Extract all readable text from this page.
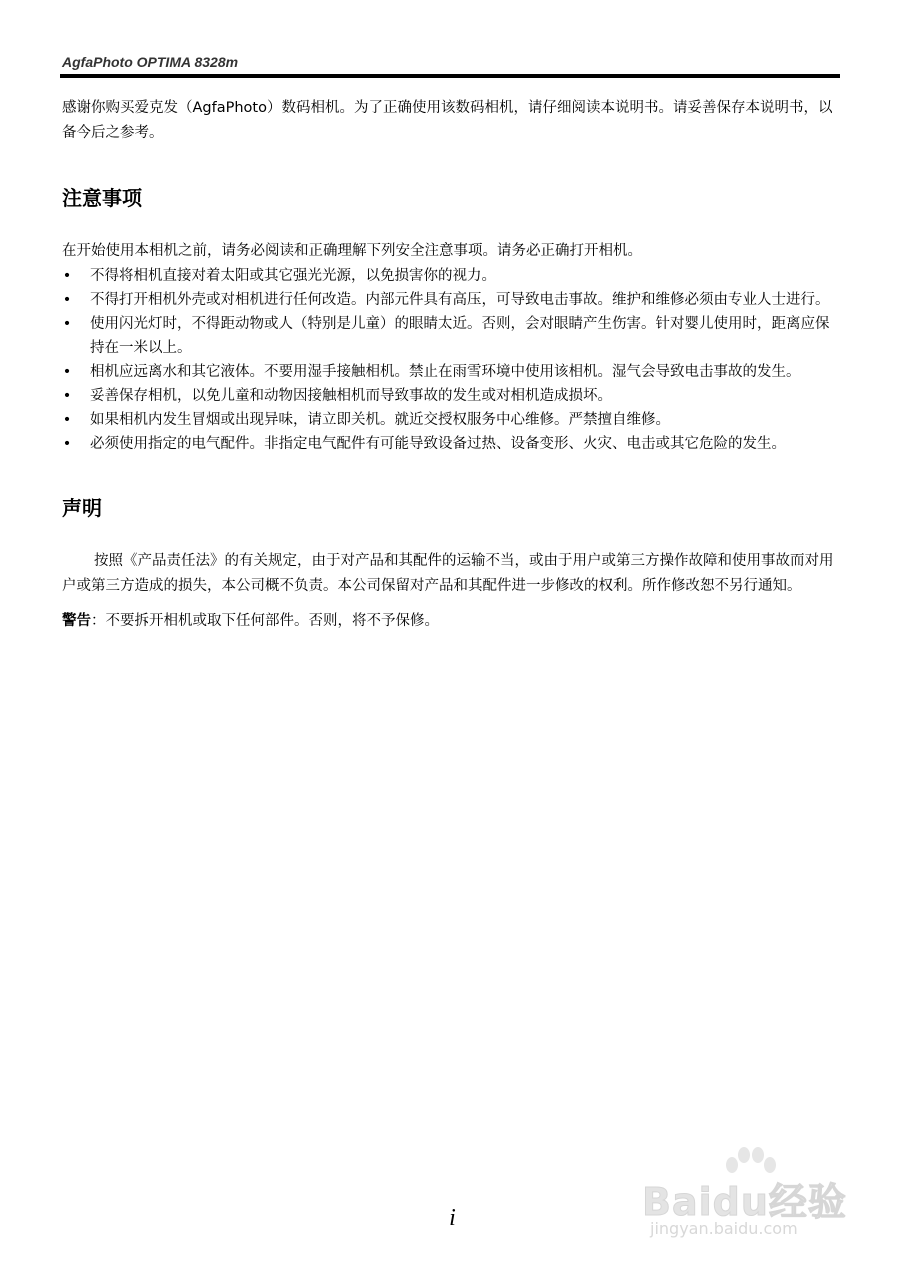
AgfaPhoto OPTIMA 8328m

感谢你购买爱克发（AgfaPhoto）数码相机。为了正确使用该数码相机，请仔细阅读本说明书。请妥善保存本说明书，以备今后之参考。

注意事项

在开始使用本相机之前，请务必阅读和正确理解下列安全注意事项。请务必正确打开相机。

• 不得将相机直接对着太阳或其它强光光源，以免损害你的视力。
• 不得打开相机外壳或对相机进行任何改造。内部元件具有高压，可导致电击事故。维护和维修必须由专业人士进行。
• 使用闪光灯时，不得距动物或人（特别是儿童）的眼睛太近。否则，会对眼睛产生伤害。针对婴儿使用时，距离应保持在一米以上。
• 相机应远离水和其它液体。不要用湿手接触相机。禁止在雨雪环境中使用该相机。湿气会导致电击事故的发生。
• 妥善保存相机，以免儿童和动物因接触相机而导致事故的发生或对相机造成损坏。
• 如果相机内发生冒烟或出现异味，请立即关机。就近交授权服务中心维修。严禁擅自维修。
• 必须使用指定的电气配件。非指定电气配件有可能导致设备过热、设备变形、火灾、电击或其它危险的发生。
声明

按照《产品责任法》的有关规定，由于对产品和其配件的运输不当，或由于用户或第三方操作故障和使用事故而对用户或第三方造成的损失，本公司概不负责。本公司保留对产品和其配件进一步修改的权利。所作修改恕不另行通知。

警告：不要拆开相机或取下任何部件。否则，将不予保修。

Baidu经验
jingyan.baidu.com
i
